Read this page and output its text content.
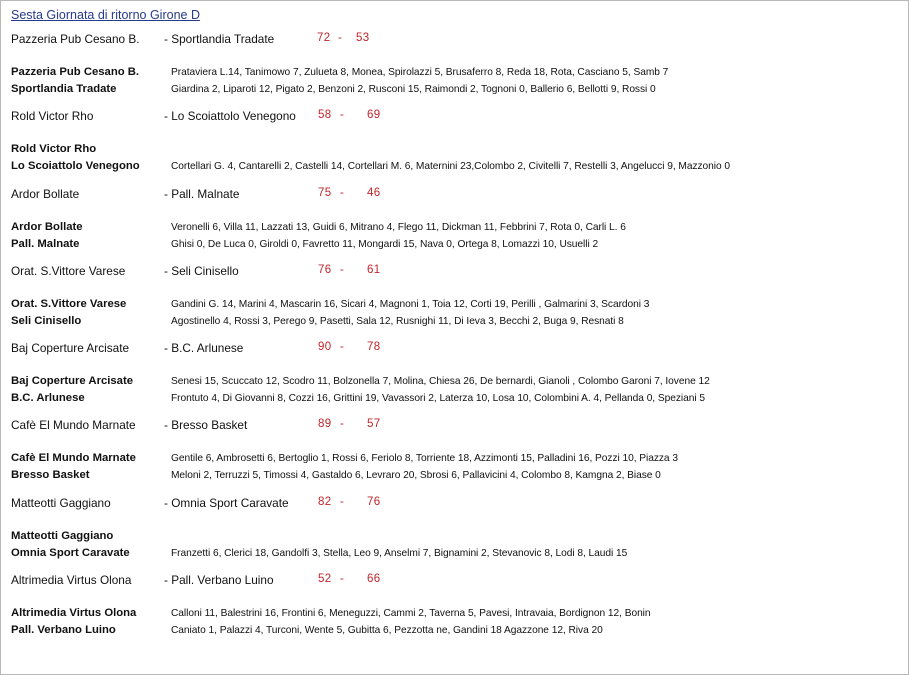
Sesta Giornata di ritorno Girone D
Pazzeria Pub Cesano B. - Sportlandia Tradate	72 - 53
Pazzeria Pub Cesano B.	Prataviera L.14, Tanimowo 7, Zulueta 8, Monea, Spirolazzi 5, Brusaferro 8, Reda 18, Rota, Casciano 5, Samb 7
Sportlandia Tradate	Giardina 2, Liparoti 12, Pigato 2, Benzoni 2, Rusconi 15, Raimondi 2, Tognoni 0, Ballerio 6, Bellotti 9, Rossi 0
Rold Victor Rho	- Lo Scoiattolo Venegono 58 - 69
Rold Victor Rho
Lo Scoiattolo Venegono	Cortellari G. 4, Cantarelli 2, Castelli 14, Cortellari M. 6, Maternini 23,Colombo 2, Civitelli 7, Restelli 3, Angelucci 9, Mazzonio 0
Ardor Bollate	- Pall. Malnate	75 - 46
Ardor Bollate	Veronelli 6, Villa 11, Lazzati 13, Guidi 6, Mitrano 4, Flego 11, Dickman 11, Febbrini 7, Rota 0, Carli L. 6
Pall. Malnate	Ghisi 0, De Luca 0, Giroldi 0, Favretto 11, Mongardi 15, Nava 0, Ortega 8, Lomazzi 10, Usuelli 2
Orat. S.Vittore Varese	- Seli Cinisello	76 - 61
Orat. S.Vittore Varese	Gandini G. 14, Marini 4, Mascarin 16, Sicari 4, Magnoni 1, Toia 12, Corti 19, Perilli , Galmarini 3, Scardoni 3
Seli Cinisello	Agostinello 4, Rossi 3, Perego 9, Pasetti, Sala 12, Rusnighi 11, Di Ieva 3, Becchi 2, Buga 9, Resnati 8
Baj Coperture Arcisate	- B.C. Arlunese	90 - 78
Baj Coperture Arcisate	Senesi 15, Scuccato 12, Scodro 11, Bolzonella 7, Molina, Chiesa 26, De bernardi, Gianoli , Colombo Garoni 7, Iovene 12
B.C. Arlunese	Frontuto 4, Di Giovanni 8, Cozzi 16, Grittini 19, Vavassori 2, Laterza 10, Losa 10, Colombini A. 4, Pellanda 0, Speziani 5
Cafè El Mundo Marnate - Bresso Basket	89 - 57
Cafè El Mundo Marnate	Gentile 6, Ambrosetti 6, Bertoglio 1, Rossi 6, Feriolo 8, Torriente 18, Azzimonti 15, Palladini 16, Pozzi 10, Piazza 3
Bresso Basket	Meloni 2, Terruzzi 5, Timossi 4, Gastaldo 6, Levraro 20, Sbrosi 6, Pallavicini 4, Colombo 8, Kamgna 2, Biase 0
Matteotti Gaggiano	- Omnia Sport Caravate	82 - 76
Matteotti Gaggiano
Omnia Sport Caravate	Franzetti 6, Clerici 18, Gandolfi 3, Stella, Leo 9, Anselmi 7, Bignamini 2, Stevanovic 8, Lodi 8, Laudi 15
Altrimedia Virtus Olona	- Pall. Verbano Luino	52 - 66
Altrimedia Virtus Olona	Calloni 11, Balestrini 16, Frontini 6, Meneguzzi, Cammi 2, Taverna 5, Pavesi, Intravaia, Bordignon 12, Bonin
Pall. Verbano Luino	Caniato 1, Palazzi 4, Turconi, Wente 5, Gubitta 6, Pezzotta ne, Gandini 18 Agazzone 12, Riva 20
